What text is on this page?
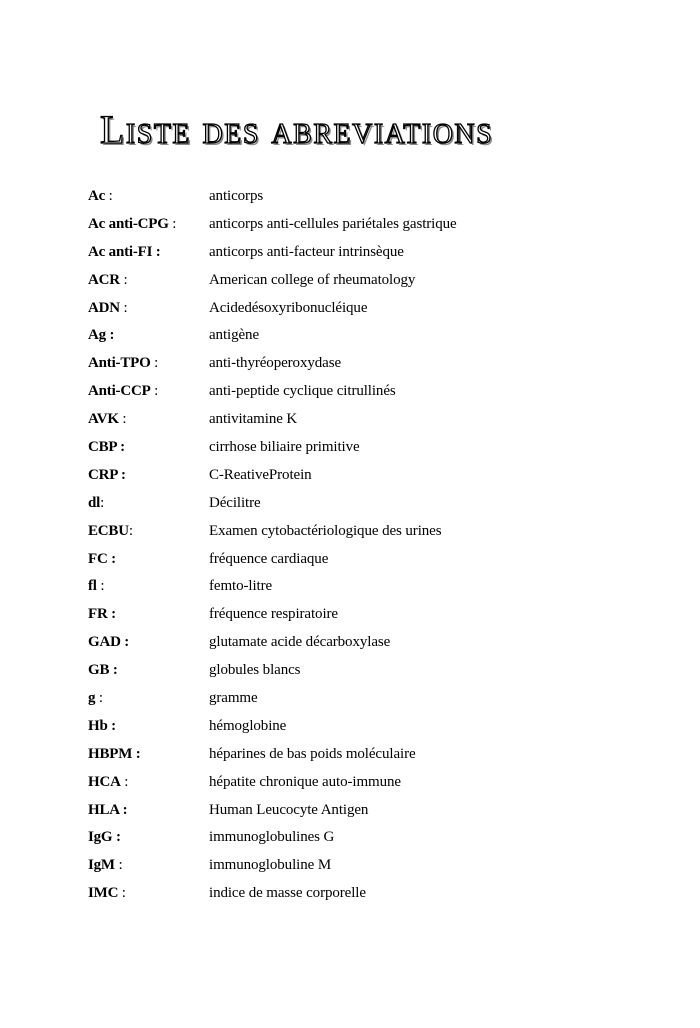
Liste des abreviations
Ac :	anticorps
Ac anti-CPG :	anticorps anti-cellules pariétales gastrique
Ac anti-FI :	anticorps anti-facteur intrinsèque
ACR :	American college of rheumatology
ADN :	Acidedésoxyribonucléique
Ag :	antigène
Anti-TPO :	anti-thyréoperoxydase
Anti-CCP :	anti-peptide cyclique citrullinés
AVK :	antivitamine K
CBP :	cirrhose biliaire primitive
CRP :	C-ReativeProtein
dl:	Décilitre
ECBU:	Examen cytobactériologique des urines
FC :	fréquence cardiaque
fl :	femto-litre
FR :	fréquence respiratoire
GAD :	glutamate acide décarboxylase
GB :	globules blancs
g :	gramme
Hb :	hémoglobine
HBPM :	héparines de bas poids moléculaire
HCA :	hépatite chronique auto-immune
HLA :	Human Leucocyte Antigen
IgG :	immunoglobulines G
IgM :	immunoglobuline M
IMC :	indice de masse corporelle
